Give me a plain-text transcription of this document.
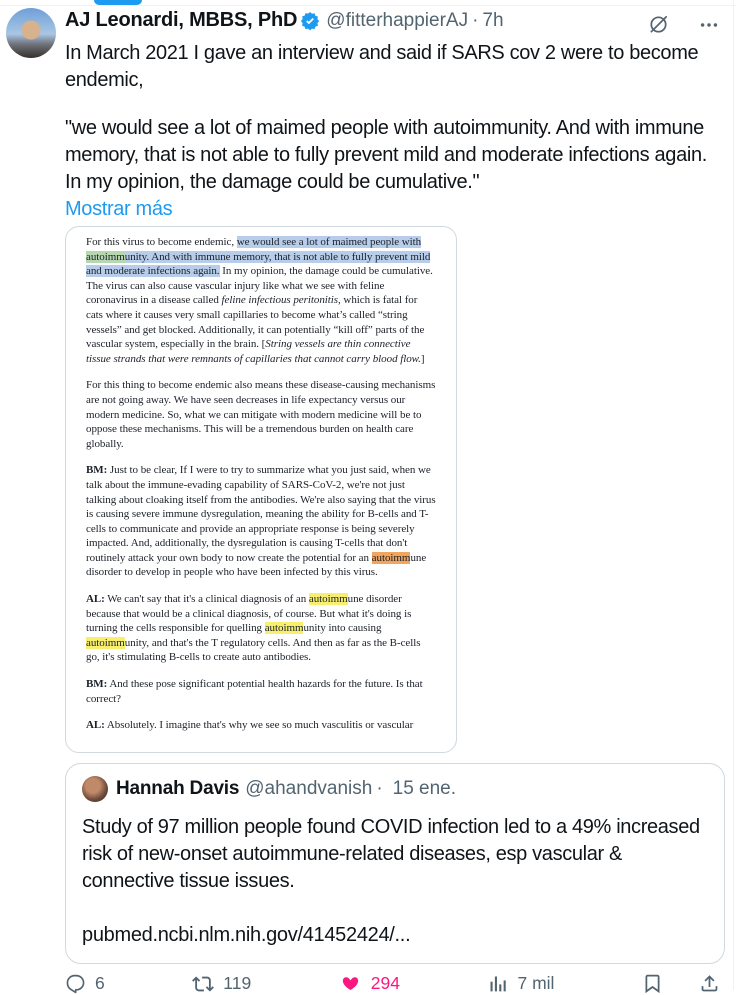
AJ Leonardi, MBBS, PhD @fitterhappierAJ · 7h

In March 2021 I gave an interview and said if SARS cov 2 were to become endemic,

"we would see a lot of maimed people with autoimmunity. And with immune memory, that is not able to fully prevent mild and moderate infections again. In my opinion, the damage could be cumulative."

Mostrar más

For this virus to become endemic, we would see a lot of maimed people with autoimmunity. And with immune memory, that is not able to fully prevent mild and moderate infections again. In my opinion, the damage could be cumulative. The virus can also cause vascular injury like what we see with feline coronavirus in a disease called feline infectious peritonitis, which is fatal for cats where it causes very small capillaries to become what’s called “string vessels” and get blocked. Additionally, it can potentially “kill off” parts of the vascular system, especially in the brain. [String vessels are thin connective tissue strands that were remnants of capillaries that cannot carry blood flow.]

For this thing to become endemic also means these disease-causing mechanisms are not going away. We have seen decreases in life expectancy versus our modern medicine. So, what we can mitigate with modern medicine will be to oppose these mechanisms. This will be a tremendous burden on health care globally.

BM: Just to be clear, If I were to try to summarize what you just said, when we talk about the immune-evading capability of SARS-CoV-2, we're not just talking about cloaking itself from the antibodies. We're also saying that the virus is causing severe immune dysregulation, meaning the ability for B-cells and T-cells to communicate and provide an appropriate response is being severely impacted. And, additionally, the dysregulation is causing T-cells that don't routinely attack your own body to now create the potential for an autoimmune disorder to develop in people who have been infected by this virus.

AL: We can't say that it's a clinical diagnosis of an autoimmune disorder because that would be a clinical diagnosis, of course. But what it's doing is turning the cells responsible for quelling autoimmunity into causing autoimmunity, and that's the T regulatory cells. And then as far as the B-cells go, it's stimulating B-cells to create auto antibodies.

BM: And these pose significant potential health hazards for the future. Is that correct?

AL: Absolutely. I imagine that's why we see so much vasculitis or vascular

Hannah Davis @ahandvanish · 15 ene.
Study of 97 million people found COVID infection led to a 49% increased risk of new-onset autoimmune-related diseases, esp vascular & connective tissue issues.
pubmed.ncbi.nlm.nih.gov/41452424/...
6	119	294	7 mil
